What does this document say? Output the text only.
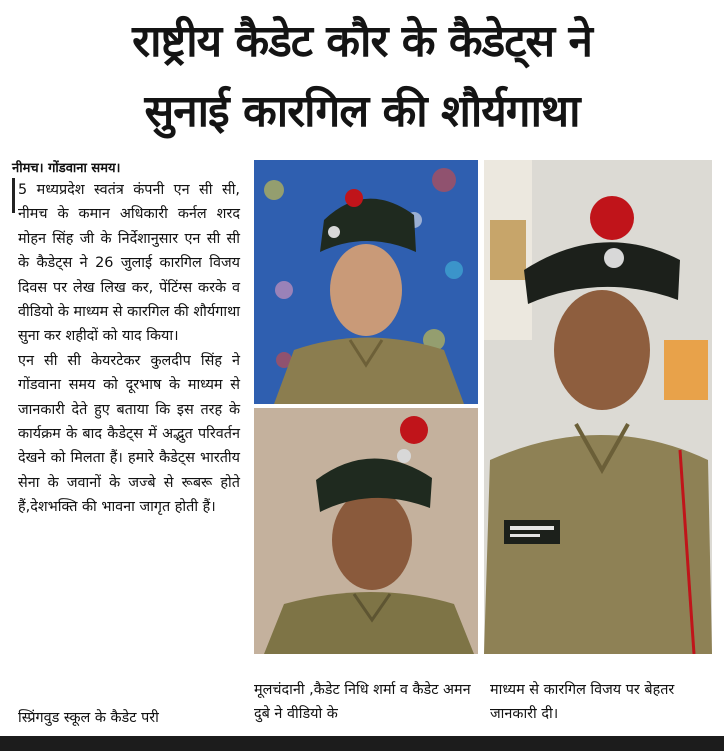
राष्ट्रीय कैडेट कौर के कैडेट्स ने
सुनाई कारगिल की शौर्यगाथा
नीमच। गोंडवाना समय।

5 मध्यप्रदेश स्वतंत्र कंपनी एन सी सी, नीमच के कमान अधिकारी कर्नल शरद मोहन सिंह जी के निर्देशानुसार एन सी सी के कैडेट्स ने 26 जुलाई कारगिल विजय दिवस पर लेख लिख कर, पेंटिंग्स करके व वीडियो के माध्यम से कारगिल की शौर्यगाथा सुना कर शहीदों को याद किया।

एन सी सी केयरटेकर कुलदीप सिंह ने गोंडवाना समय को दूरभाष के माध्यम से जानकारी देते हुए बताया कि इस तरह के कार्यक्रम के बाद कैडेट्स में अद्भुत परिवर्तन देखने को मिलता हैं। हमारे कैडेट्स भारतीय सेना के जवानों के जज्बे से रूबरू होते हैं,देशभक्ति की भावना जागृत होती हैं।

स्प्रिंगवुड स्कूल के कैडेट परी
मूलचंदानी ,कैडेट निधि शर्मा व कैडेट अमन दुबे ने वीडियो के
माध्यम से कारगिल विजय पर बेहतर जानकारी दी।
